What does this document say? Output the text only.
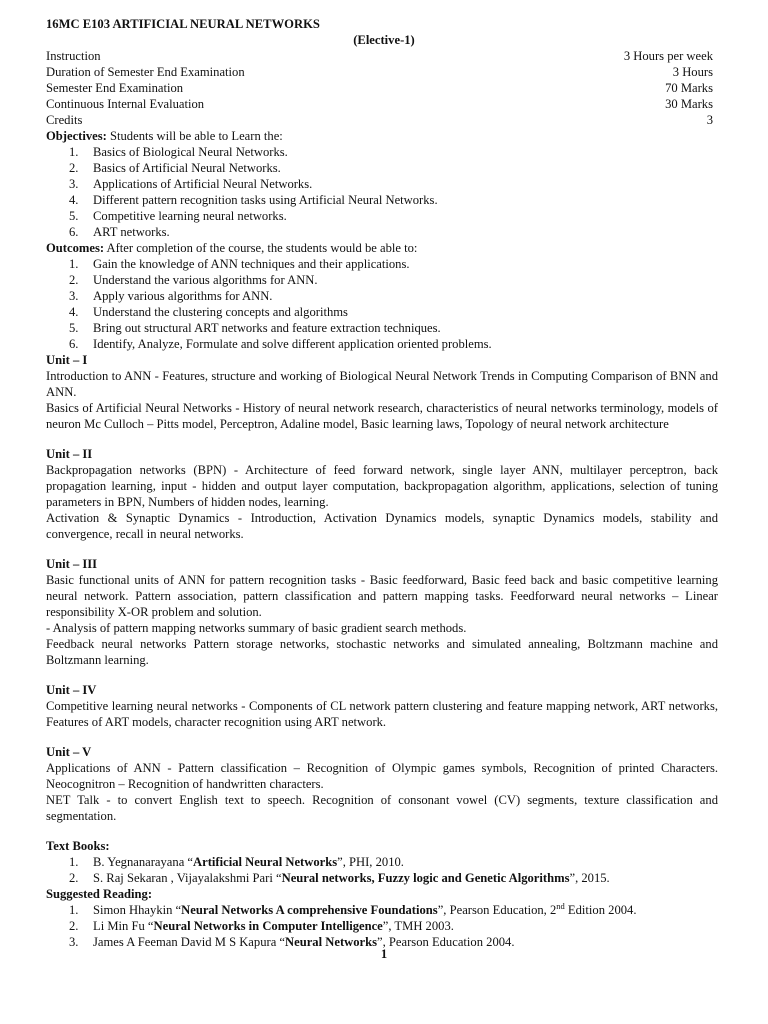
16MC E103 ARTIFICIAL NEURAL NETWORKS
(Elective-1)
Instruction	3 Hours per week
Duration of Semester End Examination	3 Hours
Semester End Examination	70 Marks
Continuous Internal Evaluation	30 Marks
Credits	3
Objectives: Students will be able to Learn the:
1.	Basics of Biological Neural Networks.
2.	Basics of Artificial Neural Networks.
3.	Applications of Artificial Neural Networks.
4.	Different pattern recognition tasks using Artificial Neural Networks.
5.	Competitive learning neural networks.
6.	ART networks.
Outcomes: After completion of the course, the students would be able to:
1.	Gain the knowledge of ANN techniques and their applications.
2.	Understand the various algorithms for ANN.
3.	Apply various algorithms for ANN.
4.	Understand the clustering concepts and algorithms
5.	Bring out structural ART networks and feature extraction techniques.
6.	Identify, Analyze, Formulate and solve different application oriented problems.
Unit – I
Introduction to ANN - Features, structure and working of Biological Neural Network Trends in Computing Comparison of BNN and ANN.
Basics of Artificial Neural Networks - History of neural network research, characteristics of neural networks terminology, models of neuron Mc Culloch – Pitts model, Perceptron, Adaline model, Basic learning laws, Topology of neural network architecture
Unit – II
Backpropagation networks (BPN) - Architecture of feed forward network, single layer ANN, multilayer perceptron, back propagation learning, input - hidden and output layer computation, backpropagation algorithm, applications, selection of tuning parameters in BPN, Numbers of hidden nodes, learning.
Activation & Synaptic Dynamics - Introduction, Activation Dynamics models, synaptic Dynamics models, stability and convergence, recall in neural networks.
Unit – III
Basic functional units of ANN for pattern recognition tasks - Basic feedforward, Basic feed back and basic competitive learning neural network. Pattern association, pattern classification and pattern mapping tasks. Feedforward neural networks – Linear responsibility X-OR problem and solution.
- Analysis of pattern mapping networks summary of basic gradient search methods.
Feedback neural networks Pattern storage networks, stochastic networks and simulated annealing, Boltzmann machine and Boltzmann learning.
Unit – IV
Competitive learning neural networks - Components of CL network pattern clustering and feature mapping network, ART networks, Features of ART models, character recognition using ART network.
Unit – V
Applications of ANN - Pattern classification – Recognition of Olympic games symbols, Recognition of printed Characters. Neocognitron – Recognition of handwritten characters.
NET Talk - to convert English text to speech. Recognition of consonant vowel (CV) segments, texture classification and segmentation.
Text Books:
1.	B. Yegnanarayana “Artificial Neural Networks”, PHI, 2010.
2.	S. Raj Sekaran , Vijayalakshmi Pari “Neural networks, Fuzzy logic and Genetic Algorithms”, 2015.
Suggested Reading:
1.	Simon Hhaykin “Neural Networks A comprehensive Foundations”, Pearson Education, 2nd Edition 2004.
2.	Li Min Fu “Neural Networks in Computer Intelligence”, TMH 2003.
3.	James A Feeman David M S Kapura “Neural Networks”, Pearson Education 2004.
1
